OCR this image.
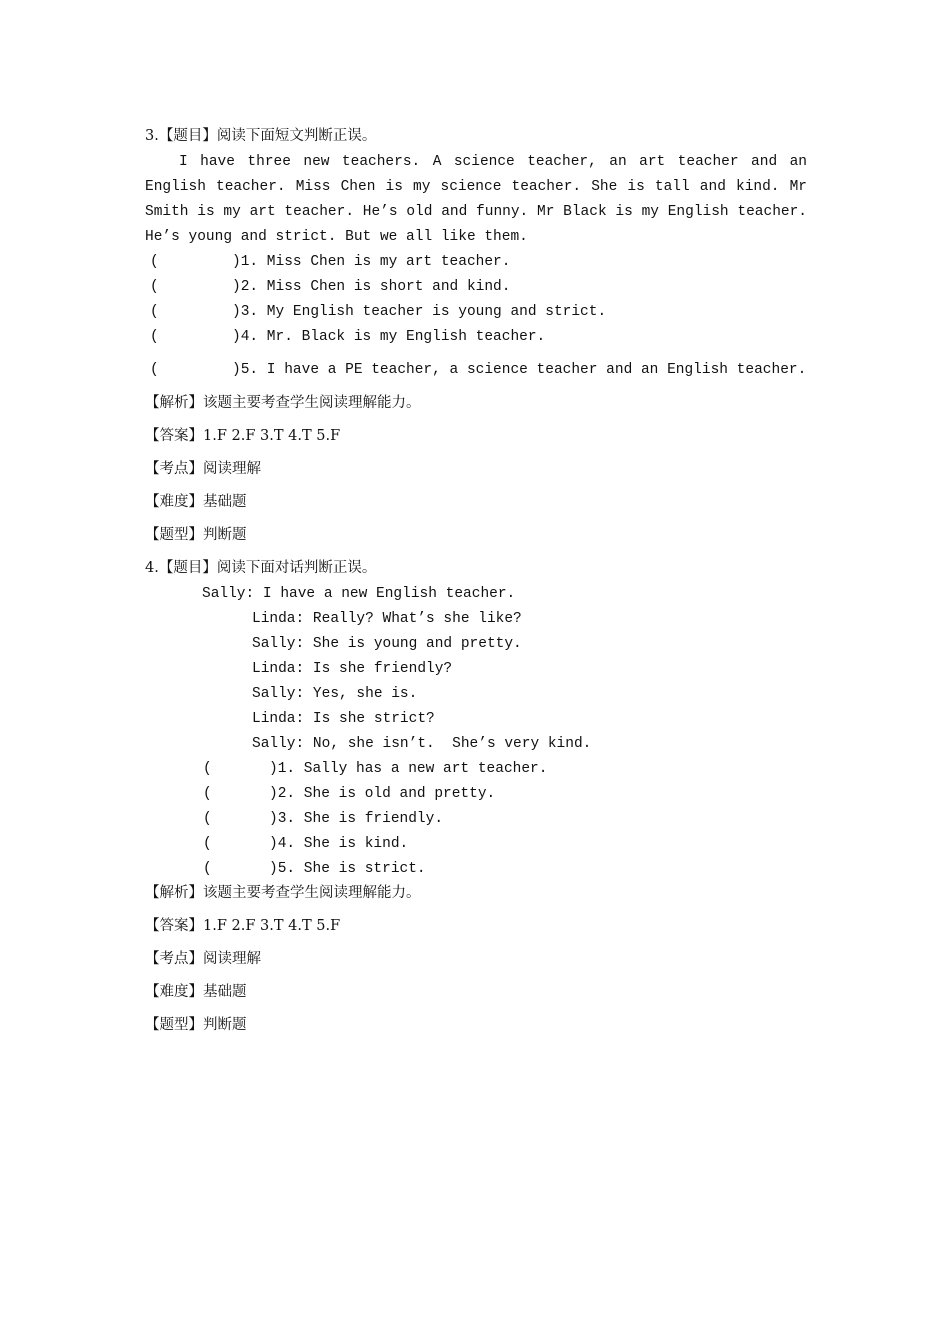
3.【题目】阅读下面短文判断正误。
I have three new teachers. A science teacher, an art teacher and an English teacher. Miss Chen is my science teacher. She is tall and kind. Mr Smith is my art teacher. He’s old and funny. Mr Black is my English teacher. He’s young and strict. But we all like them.
(	)1. Miss Chen is my art teacher.
(	)2. Miss Chen is short and kind.
(	)3. My English teacher is young and strict.
(	)4. Mr. Black is my English teacher.
(	)5. I have a PE teacher, a science teacher and an English teacher.
【解析】该题主要考查学生阅读理解能力。
【答案】1.F 2.F 3.T 4.T 5.F
【考点】阅读理解
【难度】基础题
【题型】判断题
4.【题目】阅读下面对话判断正误。
Sally: I have a new English teacher.
Linda: Really? What’s she like?
Sally: She is young and pretty.
Linda: Is she friendly?
Sally: Yes, she is.
Linda: Is she strict?
Sally: No, she isn’t.  She’s very kind.
(	)1. Sally has a new art teacher.
(	)2. She is old and pretty.
(	)3. She is friendly.
(	)4. She is kind.
(	)5. She is strict.
【解析】该题主要考查学生阅读理解能力。
【答案】1.F 2.F 3.T 4.T 5.F
【考点】阅读理解
【难度】基础题
【题型】判断题
